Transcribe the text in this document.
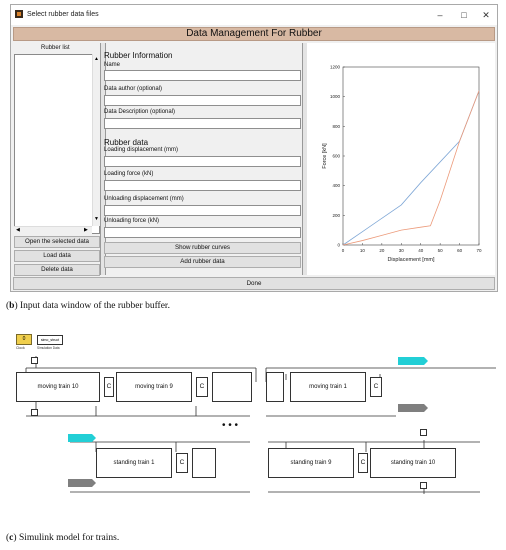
Select rubber data files	–	□	✕
Data Management For Rubber
Rubber list
▲
▼
◀	▶
Open the selected data
Load data
Delete data
Rubber Information
Name
Data author (optional)
Data Description (optional)
Rubber data
Loading displacement (mm)
Loading force (kN)
Unloading displacement (mm)
Unloading force (kN)
Show rubber curves
Add rubber data
0	10	20	30	40	50	60	70
0
200
400
600
800
1000
1200
Displacement [mm]
Force [kN]
Done
(b) Input data window of the rubber buffer.
0
Clock
simo_struct
Simulation Data
moving train 10	C	moving train 9	C	moving train 1	C
• • •
standing train 1	C	standing train 9	C	standing train 10
(c) Simulink model for trains.
